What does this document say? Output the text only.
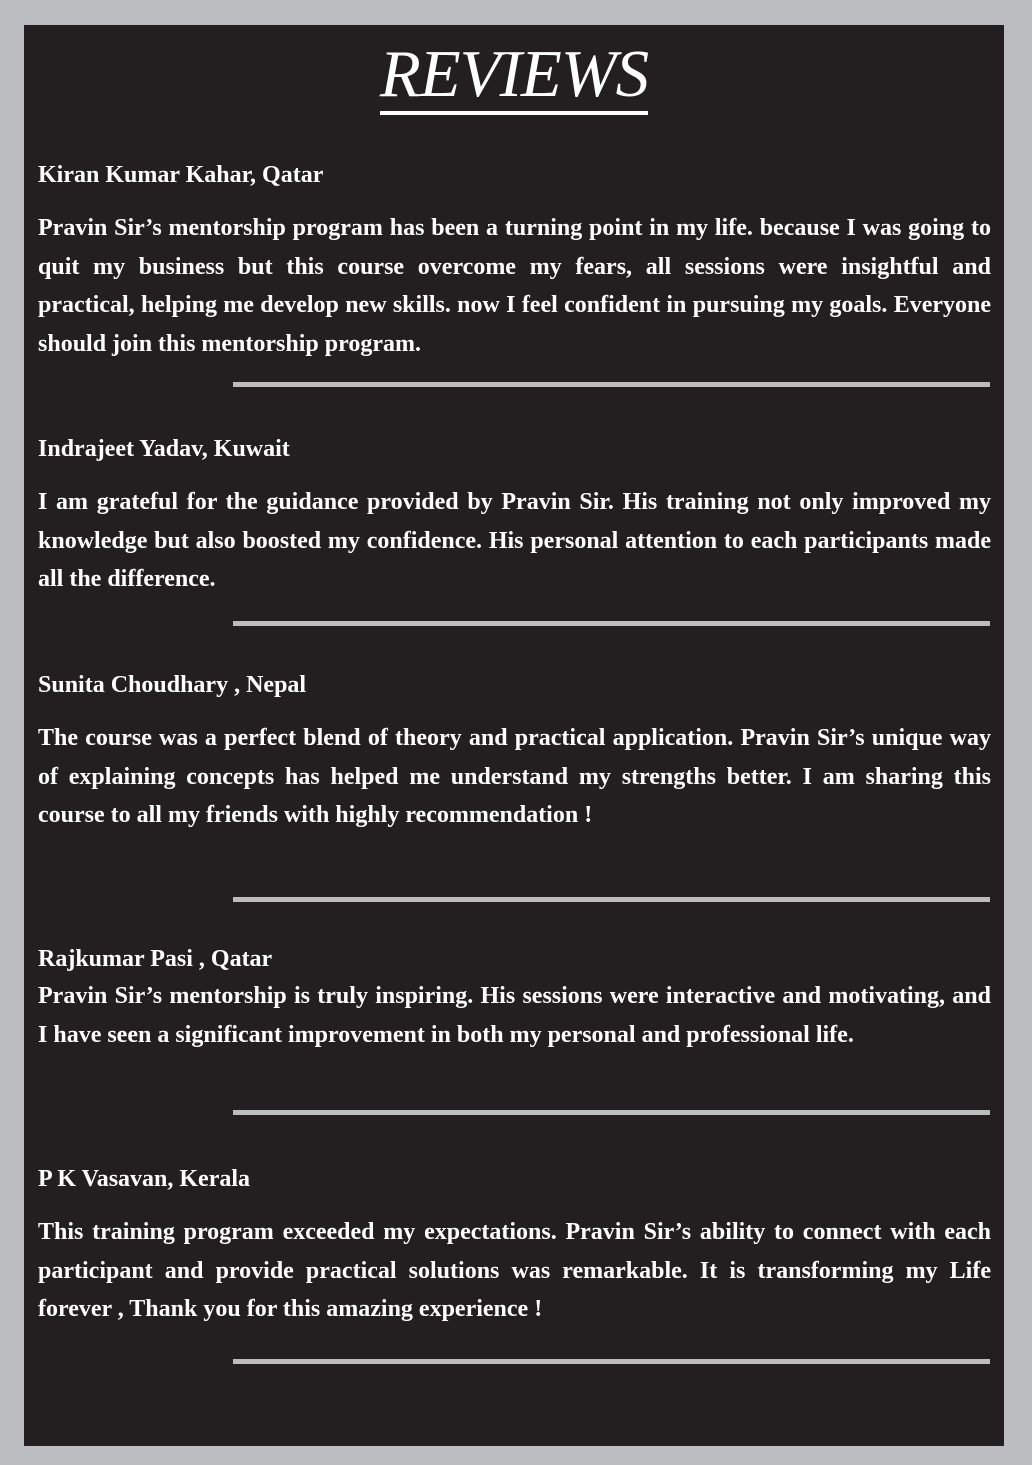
REVIEWS

Kiran Kumar Kahar, Qatar

Pravin Sir’s mentorship program has been a turning point in my life. because I was going to quit my business but this course overcome my fears, all sessions were insightful and practical, helping me develop new skills. now I feel confident in pursuing my goals. Everyone should join this mentorship program.

Indrajeet Yadav, Kuwait

I am grateful for the guidance provided by Pravin Sir. His training not only improved my knowledge but also boosted my confidence. His personal attention to each participants made all the difference.

Sunita Choudhary , Nepal

The course was a perfect blend of theory and practical application. Pravin Sir’s unique way of explaining concepts has helped me understand my strengths better. I am sharing this course to all my friends with highly recommendation !

Rajkumar Pasi , Qatar

Pravin Sir’s mentorship is truly inspiring. His sessions were interactive and motivating, and I have seen a significant improvement in both my personal and professional life.

P K Vasavan, Kerala

This training program exceeded my expectations. Pravin Sir’s ability to connect with each participant and provide practical solutions was remarkable. It is transforming my Life forever , Thank you for this amazing experience !
